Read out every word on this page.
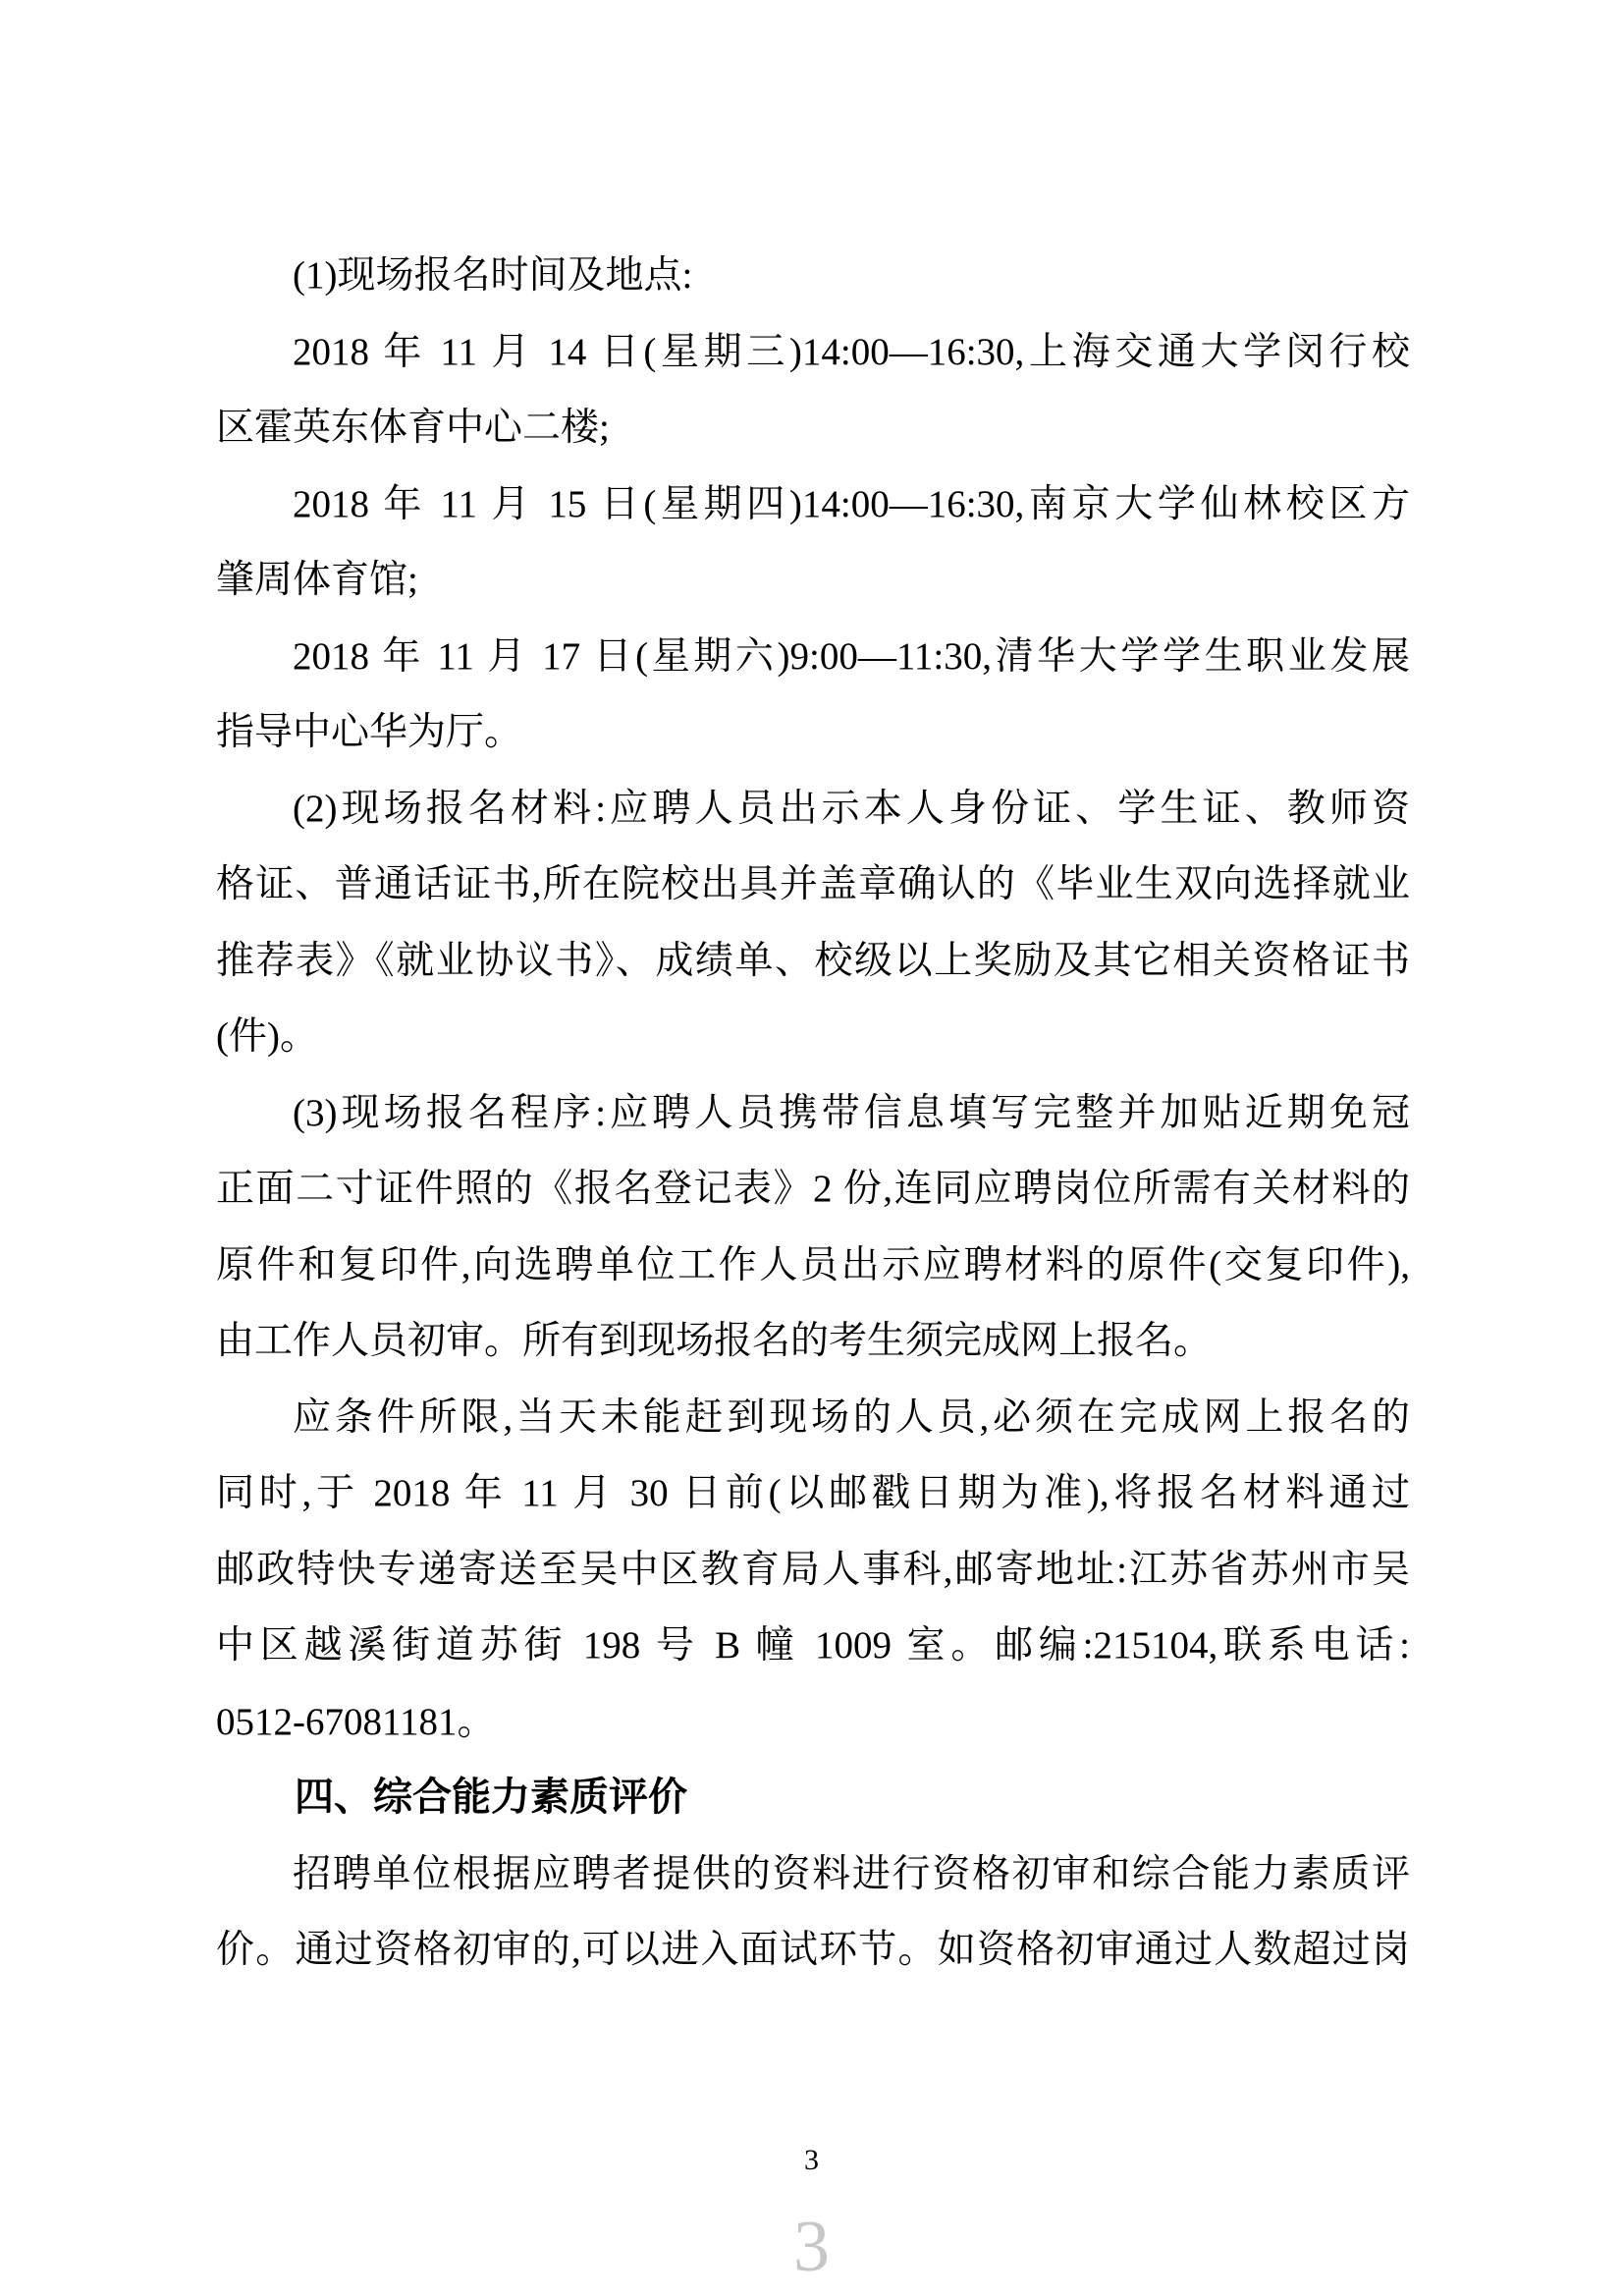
(1)现场报名时间及地点:
2018 年 11 月 14 日(星期三)14:00—16:30,上海交通大学闵行校
区霍英东体育中心二楼;
2018 年 11 月 15 日(星期四)14:00—16:30,南京大学仙林校区方
肇周体育馆;
2018 年 11 月 17 日(星期六)9:00—11:30,清华大学学生职业发展
指导中心华为厅。
(2)现场报名材料:应聘人员出示本人身份证、学生证、教师资
格证、普通话证书,所在院校出具并盖章确认的《毕业生双向选择就业
推荐表》《就业协议书》、成绩单、校级以上奖励及其它相关资格证书
(件)。
(3)现场报名程序:应聘人员携带信息填写完整并加贴近期免冠
正面二寸证件照的《报名登记表》2 份,连同应聘岗位所需有关材料的
原件和复印件,向选聘单位工作人员出示应聘材料的原件(交复印件),
由工作人员初审。所有到现场报名的考生须完成网上报名。
应条件所限,当天未能赶到现场的人员,必须在完成网上报名的
同时,于 2018 年 11 月 30 日前(以邮戳日期为准),将报名材料通过
邮政特快专递寄送至吴中区教育局人事科,邮寄地址:江苏省苏州市吴
中区越溪街道苏街 198 号 B 幢 1009 室。邮编:215104,联系电话:
0512-67081181。
四、综合能力素质评价
招聘单位根据应聘者提供的资料进行资格初审和综合能力素质评
价。通过资格初审的,可以进入面试环节。如资格初审通过人数超过岗
3
3
